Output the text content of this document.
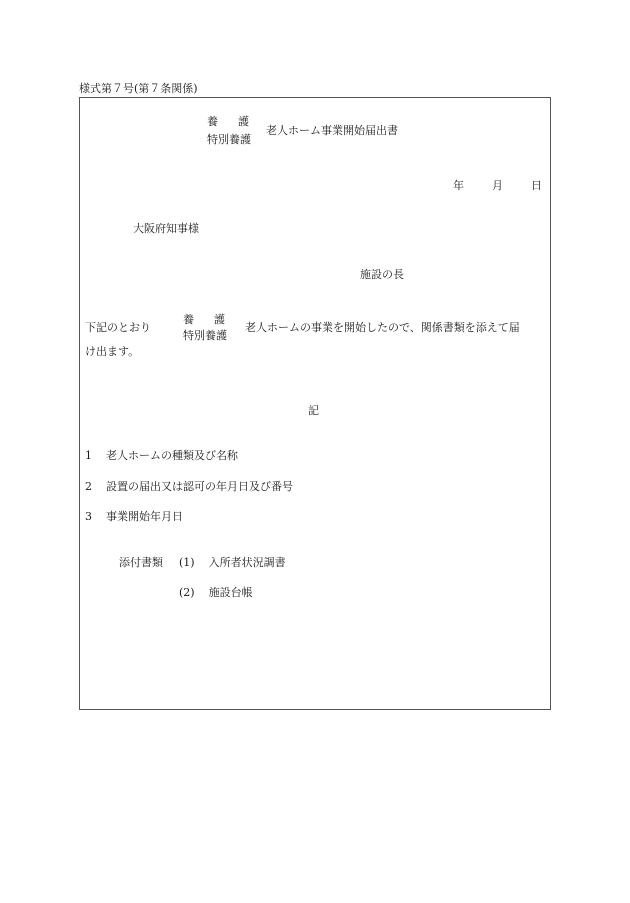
様式第７号(第７条関係)
養 護
特別養護
老人ホーム事業開始届出書
年	月	日
大阪府知事様
施設の長
下記のとおり
養 護
特別養護
老人ホームの事業を開始したので、関係書類を添えて届
け出ます。
記
1 老人ホームの種類及び名称
2 設置の届出又は認可の年月日及び番号
3 事業開始年月日
添付書類 (1) 入所者状況調書
(2) 施設台帳
